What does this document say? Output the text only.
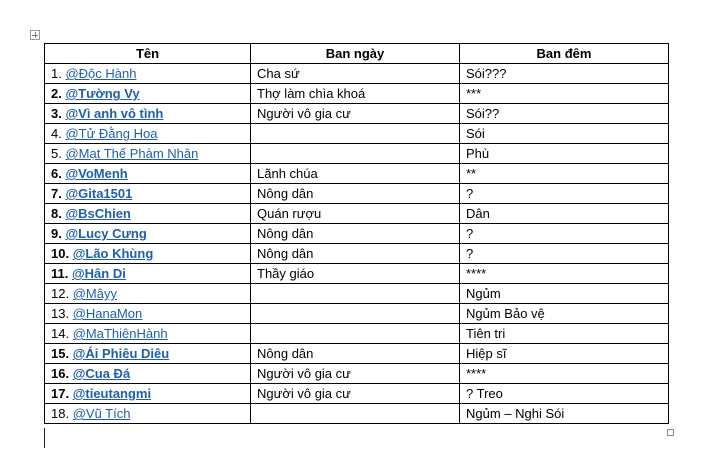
Tên	Ban ngày	Ban đêm
1. @Độc Hành	Cha sứ	Sói???
2. @Tường Vy	Thợ làm chìa khoá	***
3. @Vì anh vô tình	Người vô gia cư	Sói??
4. @Tử Đằng Hoa		Sói
5. @Mạt Thế Phàm Nhân		Phù
6. @VoMenh	Lãnh chúa	**
7. @Gita1501	Nông dân	?
8. @BsChien	Quán rượu	Dân
9. @Lucy Cưng	Nông dân	?
10. @Lão Khùng	Nông dân	?
11. @Hân Di	Thầy giáo	****
12. @Mâyy		Ngủm
13. @HanaMon		Ngủm Bảo vệ
14. @MaThiênHành		Tiên tri
15. @Ái Phiêu Diêu	Nông dân	Hiệp sĩ
16. @Cua Đá	Người vô gia cư	****
17. @tieutangmi	Người vô gia cư	? Treo
18. @Vũ Tích		Ngủm – Nghi Sói
